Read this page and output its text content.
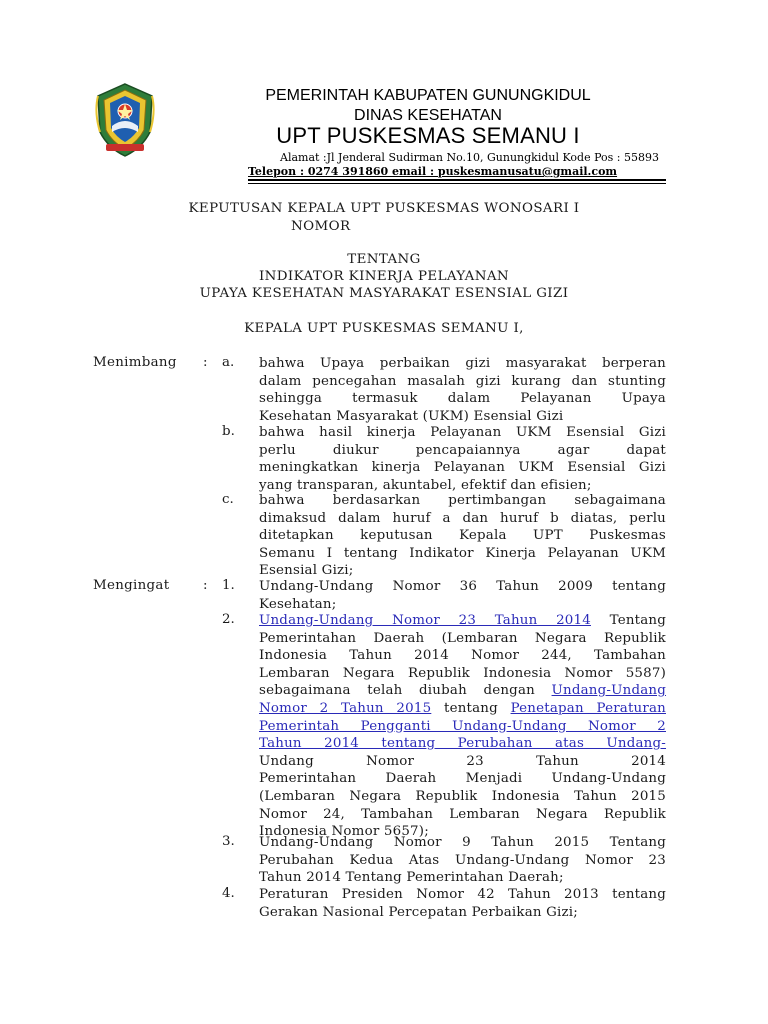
PEMERINTAH KABUPATEN GUNUNGKIDUL
DINAS KESEHATAN
UPT PUSKESMAS SEMANU I
Alamat :Jl Jenderal Sudirman No.10, Gunungkidul Kode Pos : 55893
Telepon : 0274 391860 email : puskesmanusatu@gmail.com
KEPUTUSAN KEPALA UPT PUSKESMAS WONOSARI I
NOMOR
TENTANG
INDIKATOR KINERJA PELAYANAN
UPAYA KESEHATAN MASYARAKAT ESENSIAL GIZI
KEPALA UPT PUSKESMAS SEMANU I,
Menimbang : a.	bahwa Upaya perbaikan gizi masyarakat berperan
dalam pencegahan masalah gizi kurang dan stunting
sehingga termasuk dalam Pelayanan Upaya
Kesehatan Masyarakat (UKM) Esensial Gizi
b.	bahwa hasil kinerja Pelayanan UKM Esensial Gizi
perlu diukur pencapaiannya agar dapat
meningkatkan kinerja Pelayanan UKM Esensial Gizi
yang transparan, akuntabel, efektif dan efisien;
c.	bahwa berdasarkan pertimbangan sebagaimana
dimaksud dalam huruf a dan huruf b diatas, perlu
ditetapkan keputusan Kepala UPT Puskesmas
Semanu I tentang Indikator Kinerja Pelayanan UKM
Esensial Gizi;
Mengingat	: 1.	Undang-Undang Nomor 36 Tahun 2009 tentang
Kesehatan;
2.	Undang-Undang Nomor 23 Tahun 2014 Tentang
Pemerintahan Daerah (Lembaran Negara Republik
Indonesia Tahun 2014 Nomor 244, Tambahan
Lembaran Negara Republik Indonesia Nomor 5587)
sebagaimana telah diubah dengan Undang-Undang
Nomor 2 Tahun 2015 tentang Penetapan Peraturan
Pemerintah Pengganti Undang-Undang Nomor 2
Tahun 2014 tentang Perubahan atas Undang-
Undang Nomor 23 Tahun 2014
Pemerintahan Daerah Menjadi Undang-Undang
(Lembaran Negara Republik Indonesia Tahun 2015
Nomor 24, Tambahan Lembaran Negara Republik
Indonesia Nomor 5657);
3.	Undang-Undang Nomor 9 Tahun 2015 Tentang
Perubahan Kedua Atas Undang-Undang Nomor 23
Tahun 2014 Tentang Pemerintahan Daerah;
4.	Peraturan Presiden Nomor 42 Tahun 2013 tentang
Gerakan Nasional Percepatan Perbaikan Gizi;
